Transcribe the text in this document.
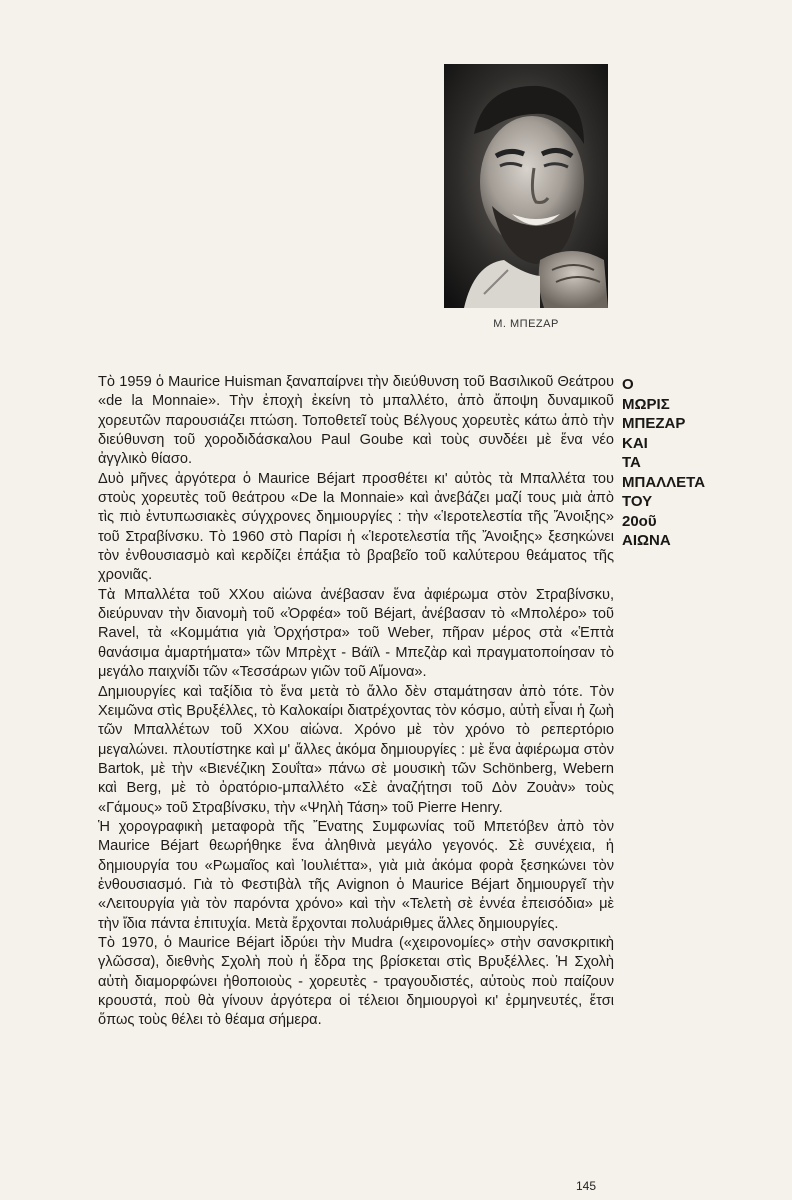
Μ. ΜΠΕΖΑΡ

Τὸ 1959 ὁ Maurice Huisman ξαναπαίρνει τὴν διεύθυνση τοῦ Βασιλικοῦ Θεάτρου «de la Monnaie». Τὴν ἐποχὴ ἐκείνη τὸ μπαλλέτο, ἀπὸ ἄποψη δυναμικοῦ χορευτῶν παρουσιάζει πτώση. Τοποθετεῖ τοὺς Βέλγους χορευτὲς κάτω ἀπὸ τὴν διεύθυνση τοῦ χοροδιδάσκαλου Paul Goube καὶ τοὺς συνδέει μὲ ἕνα νέο ἀγγλικὸ θίασο.

Δυὸ μῆνες ἀργότερα ὁ Maurice Béjart προσθέτει κι' αὐτὸς τὰ Μπαλλέτα του στοὺς χορευτὲς τοῦ θεάτρου «De la Monnaie» καὶ ἀνεβάζει μαζί τους μιὰ ἀπὸ τὶς πιὸ ἐντυπωσιακὲς σύγχρονες δημιουργίες : τὴν «Ἱεροτελεστία τῆς Ἄνοιξης» τοῦ Στραβίνσκυ. Τὸ 1960 στὸ Παρίσι ἡ «Ἱεροτελεστία τῆς Ἄνοιξης» ξεσηκώνει τὸν ἐνθουσιασμὸ καὶ κερδίζει ἐπάξια τὸ βραβεῖο τοῦ καλύτερου θεάματος τῆς χρονιᾶς.

Τὰ Μπαλλέτα τοῦ XXου αἰώνα ἀνέβασαν ἕνα ἀφιέρωμα στὸν Στραβίνσκυ, διεύρυναν τὴν διανομὴ τοῦ «Ὀρφέα» τοῦ Béjart, ἀνέβασαν τὸ «Μπολέρο» τοῦ Ravel, τὰ «Κομμάτια γιὰ Ὀρχήστρα» τοῦ Weber, πῆραν μέρος στὰ «Ἑπτὰ θανάσιμα ἁμαρτήματα» τῶν Μπρὲχτ - Βάϊλ - Μπεζὰρ καὶ πραγματοποίησαν τὸ μεγάλο παιχνίδι τῶν «Τεσσάρων γιῶν τοῦ Αἴμονα».

Δημιουργίες καὶ ταξίδια τὸ ἕνα μετὰ τὸ ἄλλο δὲν σταμάτησαν ἀπὸ τότε. Τὸν Χειμῶνα στὶς Βρυξέλλες, τὸ Καλοκαίρι διατρέχοντας τὸν κόσμο, αὐτὴ εἶναι ἡ ζωὴ τῶν Μπαλλέτων τοῦ XXου αἰώνα. Χρόνο μὲ τὸν χρόνο τὸ ρεπερτόριο μεγαλώνει. πλουτίστηκε καὶ μ' ἄλλες ἀκόμα δημιουργίες : μὲ ἕνα ἀφιέρωμα στὸν Bartok, μὲ τὴν «Βιενέζικη Σουΐτα» πάνω σὲ μουσικὴ τῶν Schönberg, Webern καὶ Berg, μὲ τὸ ὀρατόριο-μπαλλέτο «Σὲ ἀναζήτησι τοῦ Δὸν Ζουὰν» τοὺς «Γάμους» τοῦ Στραβίνσκυ, τὴν «Ψηλὴ Τάση» τοῦ Pierre Henry.

Ἡ χορογραφικὴ μεταφορὰ τῆς Ἔνατης Συμφωνίας τοῦ Μπετόβεν ἀπὸ τὸν Maurice Béjart θεωρήθηκε ἕνα ἀληθινὰ μεγάλο γεγονός. Σὲ συνέχεια, ἡ δημιουργία του «Ρωμαῖος καὶ Ἰουλιέττα», γιὰ μιὰ ἀκόμα φορὰ ξεσηκώνει τὸν ἐνθουσιασμό. Γιὰ τὸ Φεστιβὰλ τῆς Avignon ὁ Maurice Béjart δημιουργεῖ τὴν «Λειτουργία γιὰ τὸν παρόντα χρόνο» καὶ τὴν «Τελετὴ σὲ ἐννέα ἐπεισόδια» μὲ τὴν ἴδια πάντα ἐπιτυχία. Μετὰ ἔρχονται πολυάριθμες ἄλλες δημιουργίες.

Τὸ 1970, ὁ Maurice Béjart ἱδρύει τὴν Mudra («χειρονομίες» στὴν σανσκριτικὴ γλῶσσα), διεθνὴς Σχολὴ ποὺ ἡ ἕδρα της βρίσκεται στὶς Βρυξέλλες. Ἡ Σχολὴ αὐτὴ διαμορφώνει ἠθοποιοὺς - χορευτὲς - τραγουδιστές, αὐτοὺς ποὺ παίζουν κρουστά, ποὺ θὰ γίνουν ἀργότερα οἱ τέλειοι δημιουργοὶ κι' ἑρμηνευτές, ἔτσι ὅπως τοὺς θέλει τὸ θέαμα σήμερα.

Ο
ΜΩΡΙΣ
ΜΠΕΖΑΡ
ΚΑΙ
ΤΑ
ΜΠΑΛΛΕΤΑ
ΤΟΥ
20οῦ
ΑΙΩΝΑ
145
